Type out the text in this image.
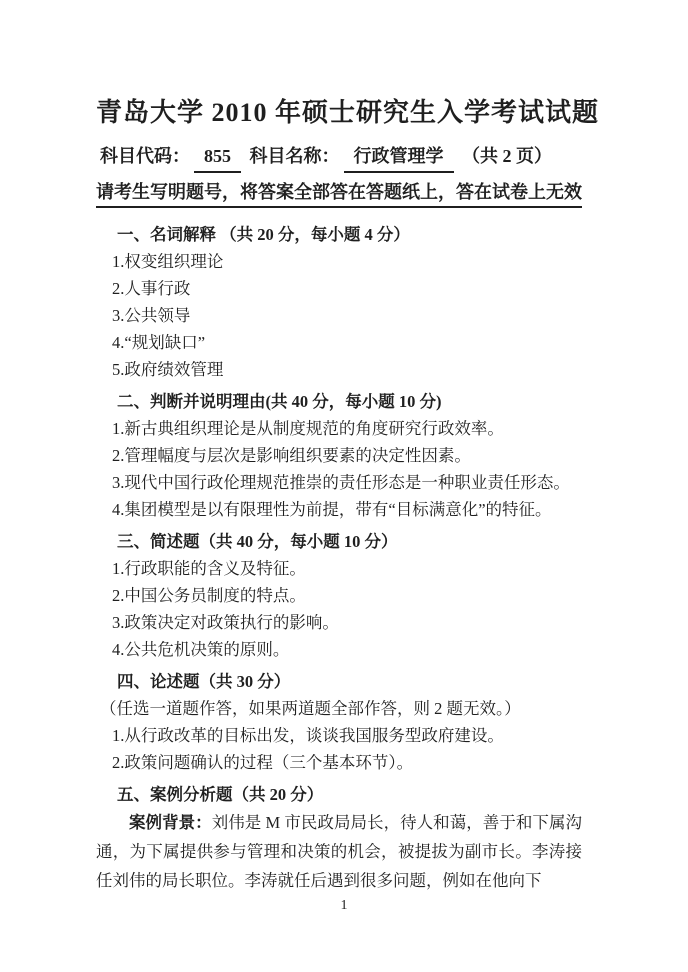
青岛大学 2010 年硕士研究生入学考试试题
科目代码： 855 科目名称： 行政管理学 （共 2 页）
请考生写明题号，将答案全部答在答题纸上，答在试卷上无效
一、名词解释 （共 20 分，每小题 4 分）
1.权变组织理论
2.人事行政
3.公共领导
4.“规划缺口”
5.政府绩效管理
二、判断并说明理由(共 40 分，每小题 10 分)
1.新古典组织理论是从制度规范的角度研究行政效率。
2.管理幅度与层次是影响组织要素的决定性因素。
3.现代中国行政伦理规范推崇的责任形态是一种职业责任形态。
4.集团模型是以有限理性为前提，带有“目标满意化”的特征。
三、简述题（共 40 分，每小题 10 分）
1.行政职能的含义及特征。
2.中国公务员制度的特点。
3.政策决定对政策执行的影响。
4.公共危机决策的原则。
四、论述题（共 30 分）
（任选一道题作答，如果两道题全部作答，则 2 题无效。）
1.从行政改革的目标出发，谈谈我国服务型政府建设。
2.政策问题确认的过程（三个基本环节）。
五、案例分析题（共 20 分）
案例背景：刘伟是 M 市民政局局长，待人和蔼，善于和下属沟通，为下属提供参与管理和决策的机会，被提拔为副市长。李涛接任刘伟的局长职位。李涛就任后遇到很多问题，例如在他向下
1
